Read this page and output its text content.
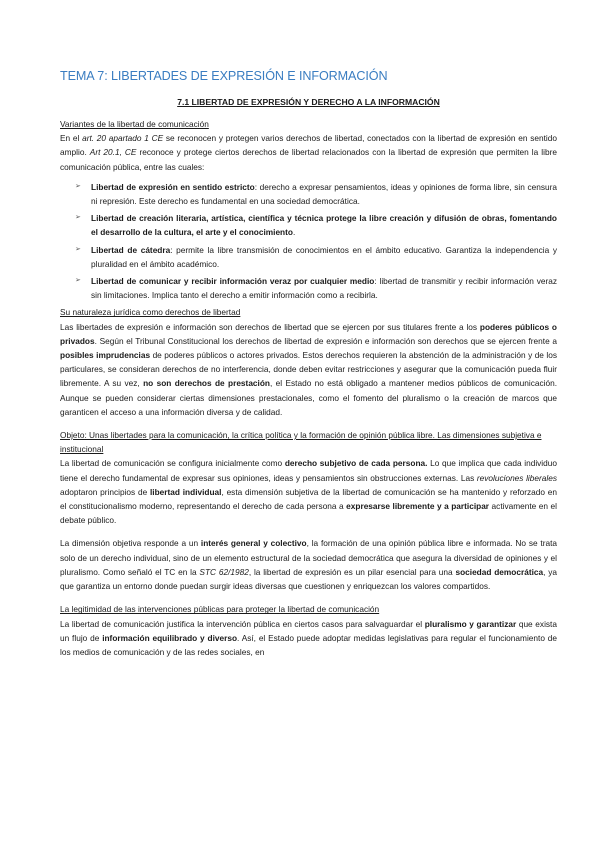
TEMA 7: LIBERTADES DE EXPRESIÓN E INFORMACIÓN
7.1 LIBERTAD DE EXPRESIÓN Y DERECHO A LA INFORMACIÓN
Variantes de la libertad de comunicación

En el art. 20 apartado 1 CE se reconocen y protegen varios derechos de libertad, conectados con la libertad de expresión en sentido amplio. Art 20.1, CE reconoce y protege ciertos derechos de libertad relacionados con la libertad de expresión que permiten la libre comunicación pública, entre las cuales:

➢ Libertad de expresión en sentido estricto: derecho a expresar pensamientos, ideas y opiniones de forma libre, sin censura ni represión. Este derecho es fundamental en una sociedad democrática.
➢ Libertad de creación literaria, artística, científica y técnica protege la libre creación y difusión de obras, fomentando el desarrollo de la cultura, el arte y el conocimiento.
➢ Libertad de cátedra: permite la libre transmisión de conocimientos en el ámbito educativo. Garantiza la independencia y pluralidad en el ámbito académico.
➢ Libertad de comunicar y recibir información veraz por cualquier medio: libertad de transmitir y recibir información veraz sin limitaciones. Implica tanto el derecho a emitir información como a recibirla.
Su naturaleza jurídica como derechos de libertad

Las libertades de expresión e información son derechos de libertad que se ejercen por sus titulares frente a los poderes públicos o privados. Según el Tribunal Constitucional los derechos de libertad de expresión e información son derechos que se ejercen frente a posibles imprudencias de poderes públicos o actores privados. Estos derechos requieren la abstención de la administración y de los particulares, se consideran derechos de no interferencia, donde deben evitar restricciones y asegurar que la comunicación pueda fluir libremente. A su vez, no son derechos de prestación, el Estado no está obligado a mantener medios públicos de comunicación. Aunque se pueden considerar ciertas dimensiones prestacionales, como el fomento del pluralismo o la creación de marcos que garanticen el acceso a una información diversa y de calidad.

Objeto: Unas libertades para la comunicación, la crítica política y la formación de opinión pública libre. Las dimensiones subjetiva e institucional

La libertad de comunicación se configura inicialmente como derecho subjetivo de cada persona. Lo que implica que cada individuo tiene el derecho fundamental de expresar sus opiniones, ideas y pensamientos sin obstrucciones externas. Las revoluciones liberales adoptaron principios de libertad individual, esta dimensión subjetiva de la libertad de comunicación se ha mantenido y reforzado en el constitucionalismo moderno, representando el derecho de cada persona a expresarse libremente y a participar activamente en el debate público.

La dimensión objetiva responde a un interés general y colectivo, la formación de una opinión pública libre e informada. No se trata solo de un derecho individual, sino de un elemento estructural de la sociedad democrática que asegura la diversidad de opiniones y el pluralismo. Como señaló el TC en la STC 62/1982, la libertad de expresión es un pilar esencial para una sociedad democrática, ya que garantiza un entorno donde puedan surgir ideas diversas que cuestionen y enriquezcan los valores compartidos.

La legitimidad de las intervenciones públicas para proteger la libertad de comunicación

La libertad de comunicación justifica la intervención pública en ciertos casos para salvaguardar el pluralismo y garantizar que exista un flujo de información equilibrado y diverso. Así, el Estado puede adoptar medidas legislativas para regular el funcionamiento de los medios de comunicación y de las redes sociales, en
